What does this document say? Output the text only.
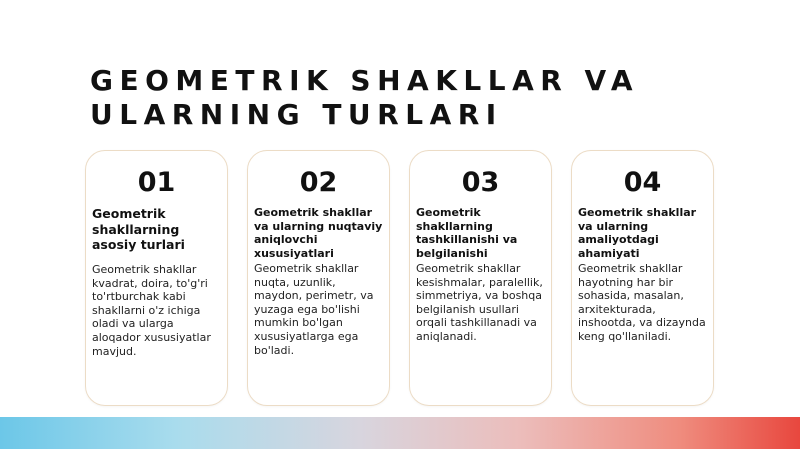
GEOMETRIK SHAKLLAR VA
ULARNING TURLARI
01
Geometrik shakllarning asosiy turlari
Geometrik shakllar kvadrat, doira, to'g'ri to'rtburchak kabi shakllarni o'z ichiga oladi va ularga aloqador xususiyatlar mavjud.
02
Geometrik shakllar va ularning nuqtaviy aniqlovchi xususiyatlari
Geometrik shakllar nuqta, uzunlik, maydon, perimetr, va yuzaga ega bo'lishi mumkin bo'lgan xususiyatlarga ega bo'ladi.
03
Geometrik shakllarning tashkillanishi va belgilanishi
Geometrik shakllar kesishmalar, paralellik, simmetriya, va boshqa belgilanish usullari orqali tashkillanadi va aniqlanadi.
04
Geometrik shakllar va ularning amaliyotdagi ahamiyati
Geometrik shakllar hayotning har bir sohasida, masalan, arxitekturada, inshootda, va dizaynda keng qo'llaniladi.
